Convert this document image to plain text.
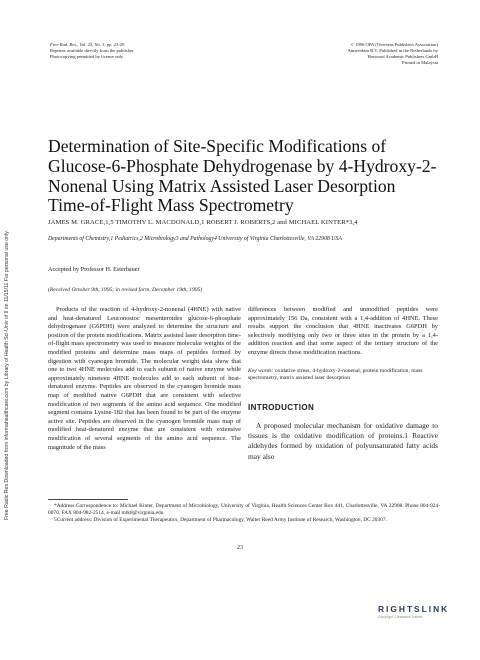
Free Rad. Res., Vol. 25, No. 1, pp. 23-29
Reprints available directly from the publisher
Photocopying permitted by license only
© 1996 OPA (Overseas Publishers Association)
Amsterdam B.V. Published in the Netherlands by
Harwood Academic Publishers GmbH
Printed in Malaysia
Free Radic Res Downloaded from informahealthcare.com by Library of Health Sci-Univ of Il on 11/15/11 For personal use only.
Determination of Site-Specific Modifications of Glucose-6-Phosphate Dehydrogenase by 4-Hydroxy-2-Nonenal Using Matrix Assisted Laser Desorption Time-of-Flight Mass Spectrometry
JAMES M. GRACE,1,5 TIMOTHY L. MACDONALD,1 ROBERT J. ROBERTS,2 and MICHAEL KINTER*3,4
Departments of Chemistry,1 Pediatrics,2 Microbiology3 and Pathology4 University of Virginia Charlottesville, VA 22908 USA
Accepted by Professor H. Esterbauer
(Received October 9th, 1995; in revised form, December 19th, 1995)

Products of the reaction of 4-hydroxy-2-nonenal (4HNE) with native and heat-denatured Leuconostoc mesenteroides glucose-6-phosphate dehydrogenase (G6PDH) were analyzed to determine the structure and position of the protein modifications. Matrix assisted laser desorption time-of-flight mass spectrometry was used to measure molecular weights of the modified proteins and determine mass maps of peptides formed by digestion with cyanogen bromide. The molecular weight data show that one to two 4HNE molecules add to each subunit of native enzyme while approximately nineteen 4HNE molecules add to each subunit of heat-denatured enzyme. Peptides are observed in the cyanogen bromide mass map of modified native G6PDH that are consistent with selective modification of two segments of the amino acid sequence. One modified segment contains Lysine-182 that has been found to be part of the enzyme active site. Peptides are observed in the cyanogen bromide mass map of modified heat-denatured enzyme that are consistent with extensive modification of several segments of the amino acid sequence. The magnitude of the mass

differences between modified and unmodified peptides were approximately 156 Da, consistent with a 1,4-addition of 4HNE. These results support the conclusion that 4HNE inactivates G6PDH by selectively modifying only two or three sites in the protein by a 1,4-addition reaction and that some aspect of the tertiary structure of the enzyme directs those modification reactions.

Key words: oxidative stress, 4-hydroxy-2-nonenal, protein modification, mass spectrometry, matrix assisted laser desorption

INTRODUCTION

A proposed molecular mechanism for oxidative damage to tissues is the oxidative modification of proteins.1 Reactive aldehydes formed by oxidation of polyunsaturated fatty acids may also

*Address Correspondence to: Michael Kinter, Department of Microbiology, University of Virginia, Health Sciences Center Box 441, Charlottesville, VA 22908. Phone 804-924-0070, FAX 804-982-2514, e-mail mtk8@virginia.edu

5Current address: Division of Experimental Therapeutics, Department of Pharmacology, Walter Reed Army Institute of Research, Washington, DC 20307.

23
RIGHTSLINK
Copyright Clearance Center
